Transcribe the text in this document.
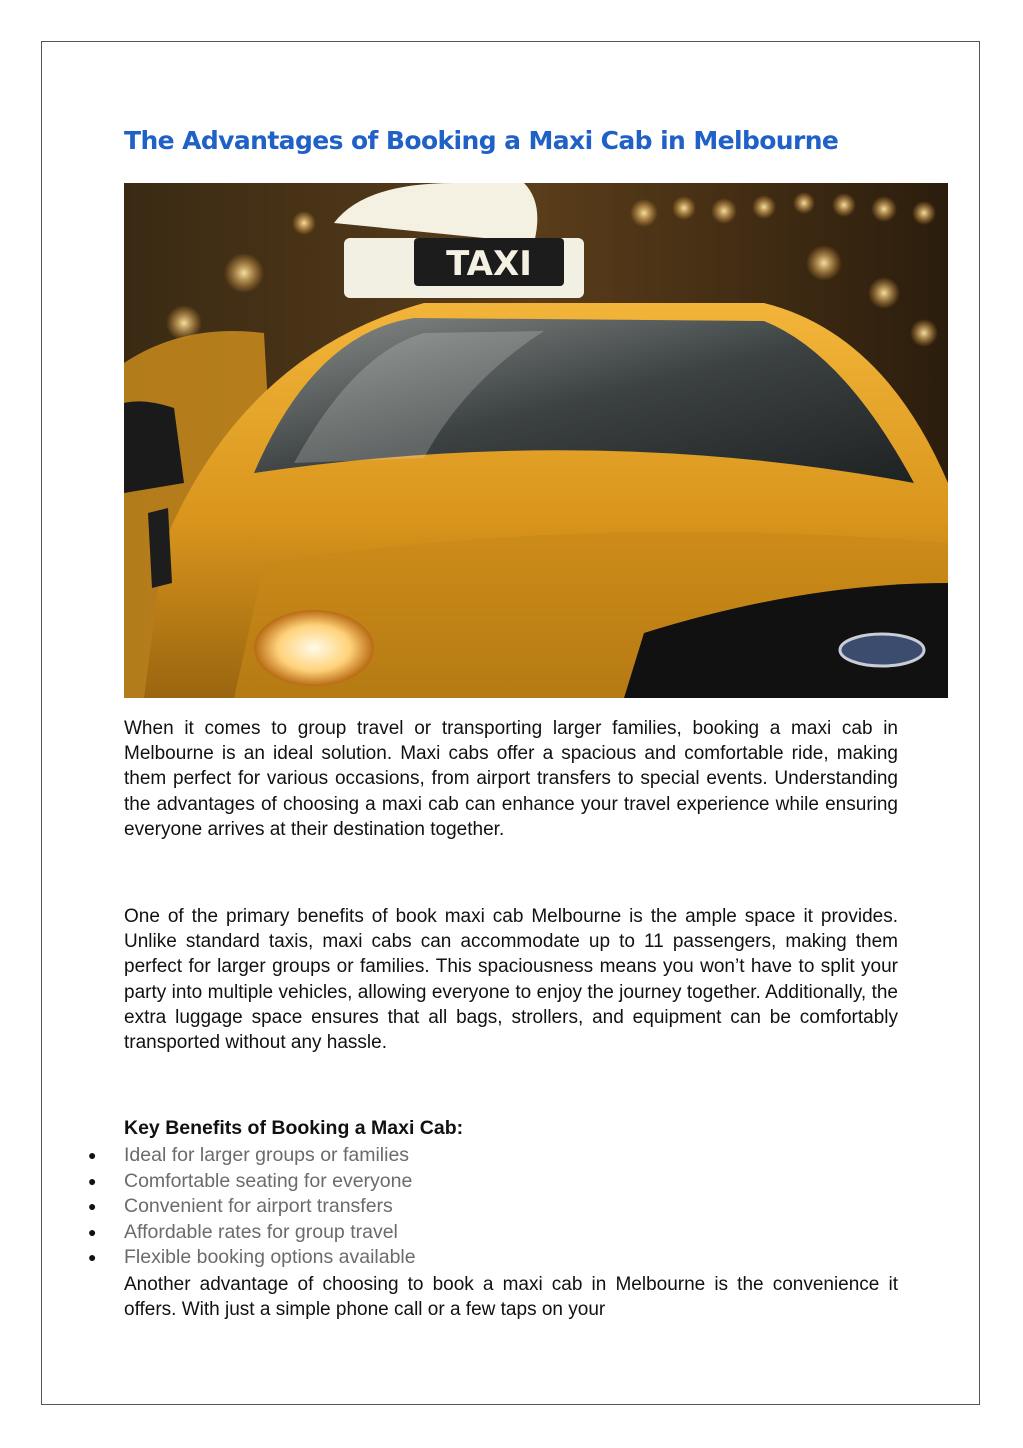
The Advantages of Booking a Maxi Cab in Melbourne
TAXI

When it comes to group travel or transporting larger families, booking a maxi cab in Melbourne is an ideal solution. Maxi cabs offer a spacious and comfortable ride, making them perfect for various occasions, from airport transfers to special events. Understanding the advantages of choosing a maxi cab can enhance your travel experience while ensuring everyone arrives at their destination together.

One of the primary benefits of book maxi cab Melbourne is the ample space it provides. Unlike standard taxis, maxi cabs can accommodate up to 11 passengers, making them perfect for larger groups or families. This spaciousness means you won’t have to split your party into multiple vehicles, allowing everyone to enjoy the journey together. Additionally, the extra luggage space ensures that all bags, strollers, and equipment can be comfortably transported without any hassle.

Key Benefits of Booking a Maxi Cab:
● Ideal for larger groups or families
● Comfortable seating for everyone
● Convenient for airport transfers
● Affordable rates for group travel
● Flexible booking options available

Another advantage of choosing to book a maxi cab in Melbourne is the convenience it offers. With just a simple phone call or a few taps on your
